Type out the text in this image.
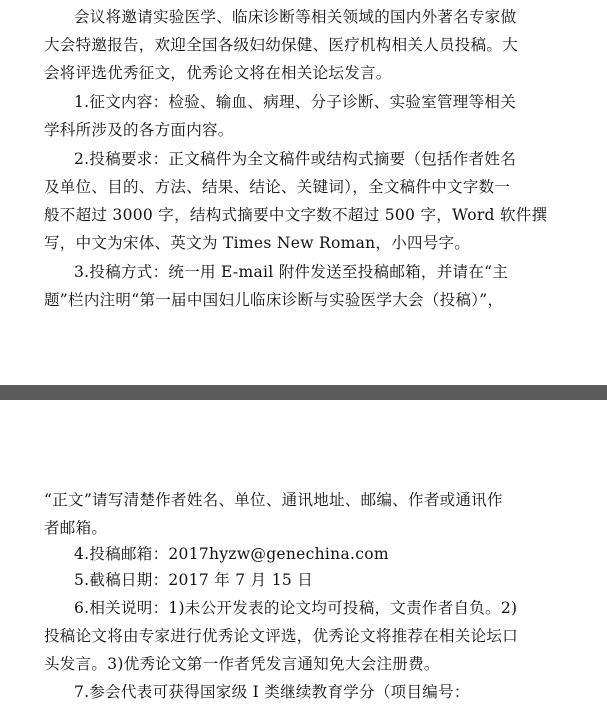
会议将邀请实验医学、临床诊断等相关领域的国内外著名专家做
大会特邀报告，欢迎全国各级妇幼保健、医疗机构相关人员投稿。大
会将评选优秀征文，优秀论文将在相关论坛发言。
1.征文内容：检验、输血、病理、分子诊断、实验室管理等相关
学科所涉及的各方面内容。
2.投稿要求：正文稿件为全文稿件或结构式摘要（包括作者姓名
及单位、目的、方法、结果、结论、关键词），全文稿件中文字数一
般不超过 3000 字，结构式摘要中文字数不超过 500 字，Word 软件撰
写，中文为宋体、英文为 Times New Roman，小四号字。
3.投稿方式：统一用 E-mail 附件发送至投稿邮箱，并请在“主
题”栏内注明“第一届中国妇儿临床诊断与实验医学大会（投稿）”，
“正文”请写清楚作者姓名、单位、通讯地址、邮编、作者或通讯作
者邮箱。
4.投稿邮箱：2017hyzw@genechina.com
5.截稿日期：2017 年 7 月 15 日
6.相关说明：1)未公开发表的论文均可投稿，文责作者自负。2)
投稿论文将由专家进行优秀论文评选，优秀论文将推荐在相关论坛口
头发言。3)优秀论文第一作者凭发言通知免大会注册费。
7.参会代表可获得国家级 I 类继续教育学分（项目编号：
